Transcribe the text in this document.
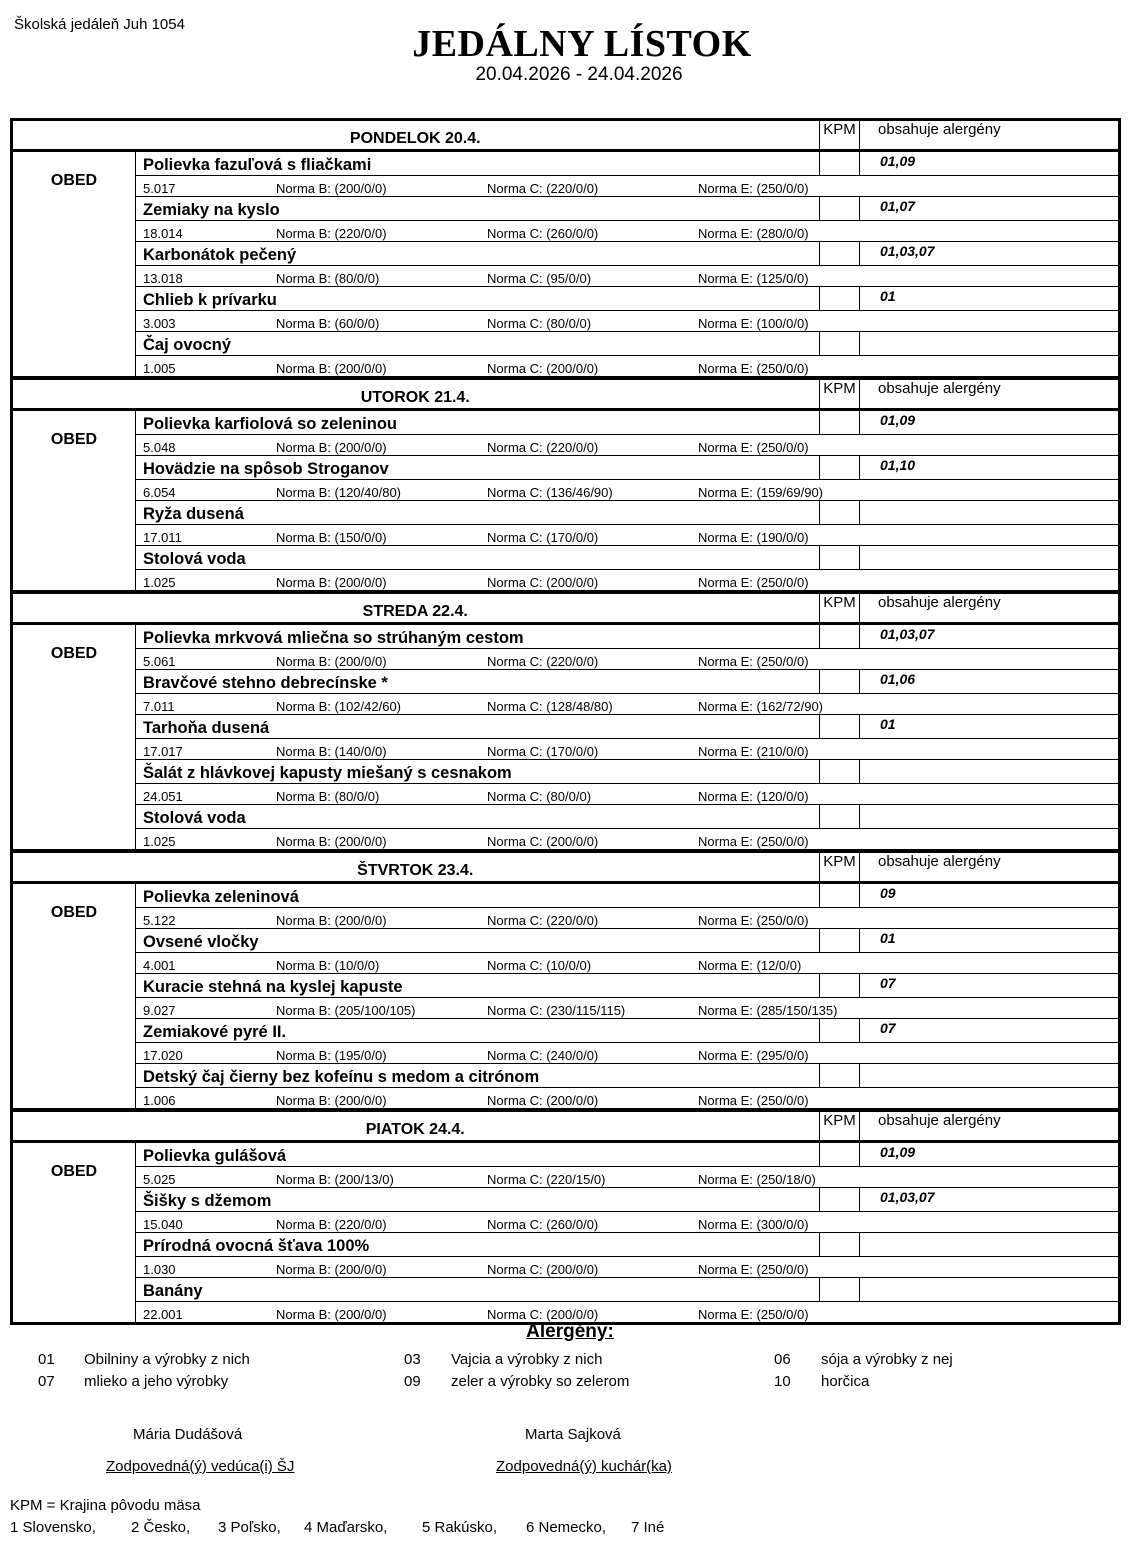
Školská jedáleň Juh 1054	JEDÁLNY LÍSTOK
20.04.2026 - 24.04.2026
	PONDELOK 20.4.	KPM	obsahuje alergény
OBED	Polievka fazuľová s fliačkami		01,09
	5.017 Norma B: (200/0/0) Norma C: (220/0/0) Norma E: (250/0/0)		
	Zemiaky na kyslo		01,07
	18.014 Norma B: (220/0/0) Norma C: (260/0/0) Norma E: (280/0/0)		
	Karbonátok pečený		01,03,07
	13.018 Norma B: (80/0/0) Norma C: (95/0/0) Norma E: (125/0/0)		
	Chlieb k prívarku		01
	3.003 Norma B: (60/0/0) Norma C: (80/0/0) Norma E: (100/0/0)		
	Čaj ovocný		
	1.005 Norma B: (200/0/0) Norma C: (200/0/0) Norma E: (250/0/0)		
	UTOROK 21.4.	KPM	obsahuje alergény
OBED	Polievka karfiolová so zeleninou		01,09
	5.048 Norma B: (200/0/0) Norma C: (220/0/0) Norma E: (250/0/0)		
	Hovädzie na spôsob Stroganov		01,10
	6.054 Norma B: (120/40/80) Norma C: (136/46/90) Norma E: (159/69/90)		
	Ryža dusená		
	17.011 Norma B: (150/0/0) Norma C: (170/0/0) Norma E: (190/0/0)		
	Stolová voda		
	1.025 Norma B: (200/0/0) Norma C: (200/0/0) Norma E: (250/0/0)		
	STREDA 22.4.	KPM	obsahuje alergény
OBED	Polievka mrkvová mliečna so strúhaným cestom		01,03,07
	5.061 Norma B: (200/0/0) Norma C: (220/0/0) Norma E: (250/0/0)		
	Bravčové stehno debrecínske *		01,06
	7.011 Norma B: (102/42/60) Norma C: (128/48/80) Norma E: (162/72/90)		
	Tarhoňa dusená		01
	17.017 Norma B: (140/0/0) Norma C: (170/0/0) Norma E: (210/0/0)		
	Šalát z hlávkovej kapusty miešaný s cesnakom		
	24.051 Norma B: (80/0/0) Norma C: (80/0/0) Norma E: (120/0/0)		
	Stolová voda		
	1.025 Norma B: (200/0/0) Norma C: (200/0/0) Norma E: (250/0/0)		
	ŠTVRTOK 23.4.	KPM	obsahuje alergény
OBED	Polievka zeleninová		09
	5.122 Norma B: (200/0/0) Norma C: (220/0/0) Norma E: (250/0/0)		
	Ovsené vločky		01
	4.001 Norma B: (10/0/0) Norma C: (10/0/0) Norma E: (12/0/0)		
	Kuracie stehná na kyslej kapuste		07
	9.027 Norma B: (205/100/105) Norma C: (230/115/115) Norma E: (285/150/135)		
	Zemiakové pyré II.		07
	17.020 Norma B: (195/0/0) Norma C: (240/0/0) Norma E: (295/0/0)		
	Detský čaj čierny bez kofeínu s medom a citrónom		
	1.006 Norma B: (200/0/0) Norma C: (200/0/0) Norma E: (250/0/0)		
	PIATOK 24.4.	KPM	obsahuje alergény
OBED	Polievka gulášová		01,09
	5.025 Norma B: (200/13/0) Norma C: (220/15/0) Norma E: (250/18/0)		
	Šišky s džemom		01,03,07
	15.040 Norma B: (220/0/0) Norma C: (260/0/0) Norma E: (300/0/0)		
	Prírodná ovocná šťava 100%		
	1.030 Norma B: (200/0/0) Norma C: (200/0/0) Norma E: (250/0/0)		
	Banány		
	22.001 Norma B: (200/0/0) Norma C: (200/0/0) Norma E: (250/0/0)		
Alergény:
01 Obilniny a výrobky z nich	03 Vajcia a výrobky z nich	06 sója a výrobky z nej
07 mlieko a jeho výrobky	09 zeler a výrobky so zelerom	10 horčica
Mária Dudášová
Zodpovedná(ý) vedúca(i) ŠJ
Marta Sajková
Zodpovedná(ý) kuchár(ka)
KPM = Krajina pôvodu mäsa
1 Slovensko, 2 Česko, 3 Poľsko, 4 Maďarsko, 5 Rakúsko, 6 Nemecko, 7 Iné
